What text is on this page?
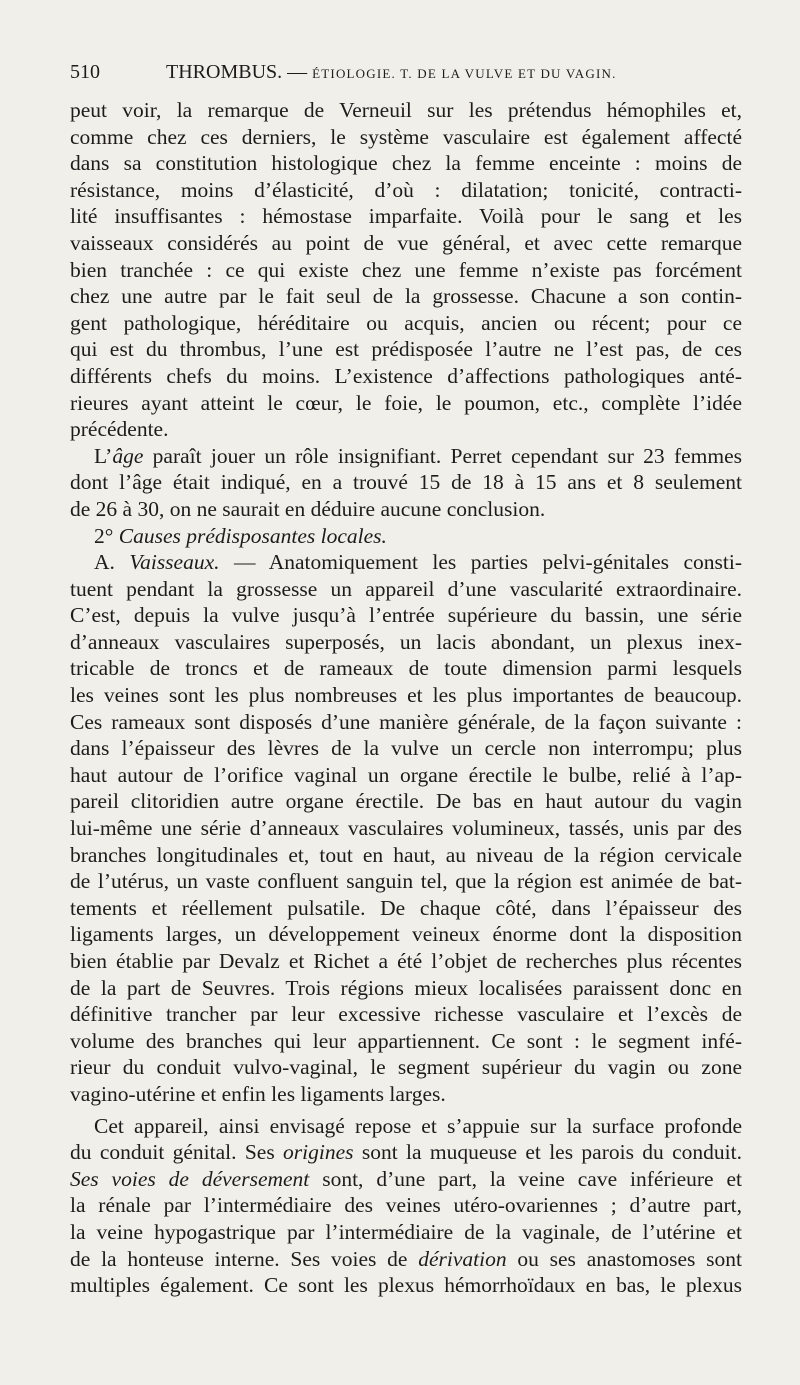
510	THROMBUS. — ÉTIOLOGIE. T. DE LA VULVE ET DU VAGIN.
peut voir, la remarque de Verneuil sur les prétendus hémophiles et,
comme chez ces derniers, le système vasculaire est également affecté
dans sa constitution histologique chez la femme enceinte : moins de
résistance, moins d’élasticité, d’où : dilatation; tonicité, contracti-
lité insuffisantes : hémostase imparfaite. Voilà pour le sang et les
vaisseaux considérés au point de vue général, et avec cette remarque
bien tranchée : ce qui existe chez une femme n’existe pas forcément
chez une autre par le fait seul de la grossesse. Chacune a son contin-
gent pathologique, héréditaire ou acquis, ancien ou récent; pour ce
qui est du thrombus, l’une est prédisposée l’autre ne l’est pas, de ces
différents chefs du moins. L’existence d’affections pathologiques anté-
rieures ayant atteint le cœur, le foie, le poumon, etc., complète l’idée
précédente.
L’âge paraît jouer un rôle insignifiant. Perret cependant sur 23 femmes
dont l’âge était indiqué, en a trouvé 15 de 18 à 15 ans et 8 seulement
de 26 à 30, on ne saurait en déduire aucune conclusion.
2° Causes prédisposantes locales.
A. Vaisseaux. — Anatomiquement les parties pelvi-génitales consti-
tuent pendant la grossesse un appareil d’une vascularité extraordinaire.
C’est, depuis la vulve jusqu’à l’entrée supérieure du bassin, une série
d’anneaux vasculaires superposés, un lacis abondant, un plexus inex-
tricable de troncs et de rameaux de toute dimension parmi lesquels
les veines sont les plus nombreuses et les plus importantes de beaucoup.
Ces rameaux sont disposés d’une manière générale, de la façon suivante :
dans l’épaisseur des lèvres de la vulve un cercle non interrompu; plus
haut autour de l’orifice vaginal un organe érectile le bulbe, relié à l’ap-
pareil clitoridien autre organe érectile. De bas en haut autour du vagin
lui-même une série d’anneaux vasculaires volumineux, tassés, unis par des
branches longitudinales et, tout en haut, au niveau de la région cervicale
de l’utérus, un vaste confluent sanguin tel, que la région est animée de bat-
tements et réellement pulsatile. De chaque côté, dans l’épaisseur des
ligaments larges, un développement veineux énorme dont la disposition
bien établie par Devalz et Richet a été l’objet de recherches plus récentes
de la part de Seuvres. Trois régions mieux localisées paraissent donc en
définitive trancher par leur excessive richesse vasculaire et l’excès de
volume des branches qui leur appartiennent. Ce sont : le segment infé-
rieur du conduit vulvo-vaginal, le segment supérieur du vagin ou zone
vagino-utérine et enfin les ligaments larges.
Cet appareil, ainsi envisagé repose et s’appuie sur la surface profonde
du conduit génital. Ses origines sont la muqueuse et les parois du conduit.
Ses voies de déversement sont, d’une part, la veine cave inférieure et
la rénale par l’intermédiaire des veines utéro-ovariennes ; d’autre part,
la veine hypogastrique par l’intermédiaire de la vaginale, de l’utérine et
de la honteuse interne. Ses voies de dérivation ou ses anastomoses sont
multiples également. Ce sont les plexus hémorrhoïdaux en bas, le plexus
